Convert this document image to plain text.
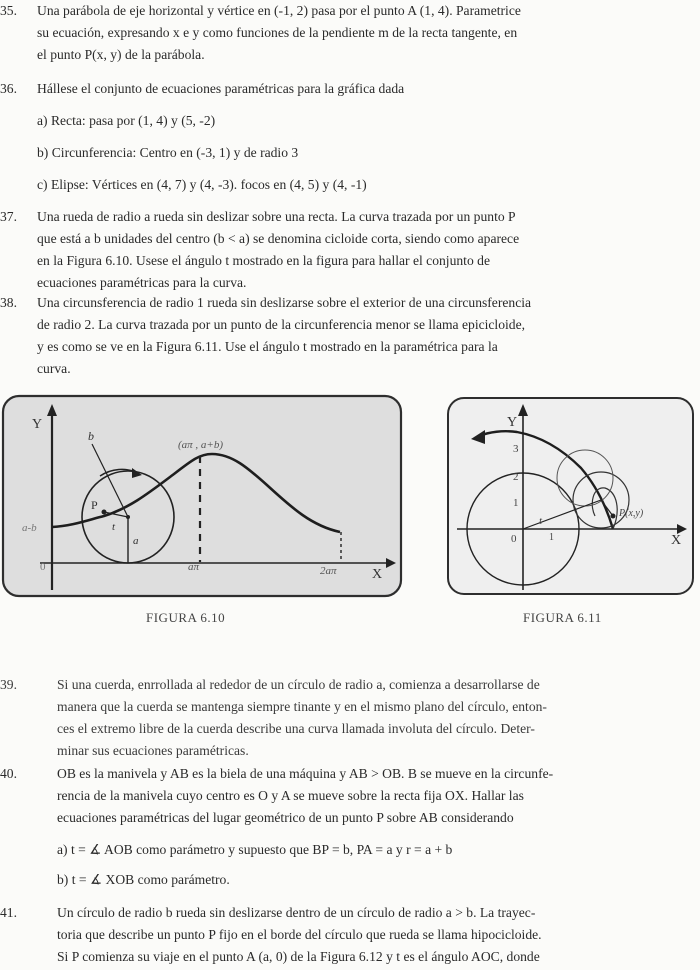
35.	Una parábola de eje horizontal y vértice en (-1, 2) pasa por el punto A (1, 4). Parametrice
su ecuación, expresando x e y como funciones de la pendiente m de la recta tangente, en
el punto P(x, y) de la parábola.
36.	Hállese el conjunto de ecuaciones paramétricas para la gráfica dada
a) Recta: pasa por (1, 4) y (5, -2)
b) Circunferencia: Centro en (-3, 1) y de radio 3
c) Elipse: Vértices en (4, 7) y (4, -3). focos en (4, 5) y (4, -1)
37.	Una rueda de radio a rueda sin deslizar sobre una recta. La curva trazada por un punto P
que está a b unidades del centro (b < a) se denomina cicloide corta, siendo como aparece
en la Figura 6.10. Usese el ángulo t mostrado en la figura para hallar el conjunto de
ecuaciones paramétricas para la curva.
38.	Una circunsferencia de radio 1 rueda sin deslizarse sobre el exterior de una circunsferencia
de radio 2. La curva trazada por un punto de la circunferencia menor se llama epicicloide,
y es como se ve en la Figura 6.11. Use el ángulo t mostrado en la paramétrica para la
curva.
Y
X
b
P
t
a
a-b
0
(aπ , a+b)
aπ	2aπ
Y
X
3
2
1
0
t
1
P(x,y)
FIGURA 6.10	FIGURA 6.11
39.	Si una cuerda, enrrollada al rededor de un círculo de radio a, comienza a desarrollarse de
manera que la cuerda se mantenga siempre tinante y en el mismo plano del círculo, enton-
ces el extremo libre de la cuerda describe una curva llamada involuta del círculo. Deter-
minar sus ecuaciones paramétricas.
40.	OB es la manivela y AB es la biela de una máquina y AB > OB. B se mueve en la circunfe-
rencia de la manivela cuyo centro es O y A se mueve sobre la recta fija OX. Hallar las
ecuaciones paramétricas del lugar geométrico de un punto P sobre AB considerando
a) t = ∡ AOB como parámetro y supuesto que BP = b, PA = a y r = a + b
b) t = ∡ XOB como parámetro.
41.	Un círculo de radio b rueda sin deslizarse dentro de un círculo de radio a > b. La trayec-
toria que describe un punto P fijo en el borde del círculo que rueda se llama hipocicloide.
Si P comienza su viaje en el punto A (a, 0) de la Figura 6.12 y t es el ángulo AOC, donde
